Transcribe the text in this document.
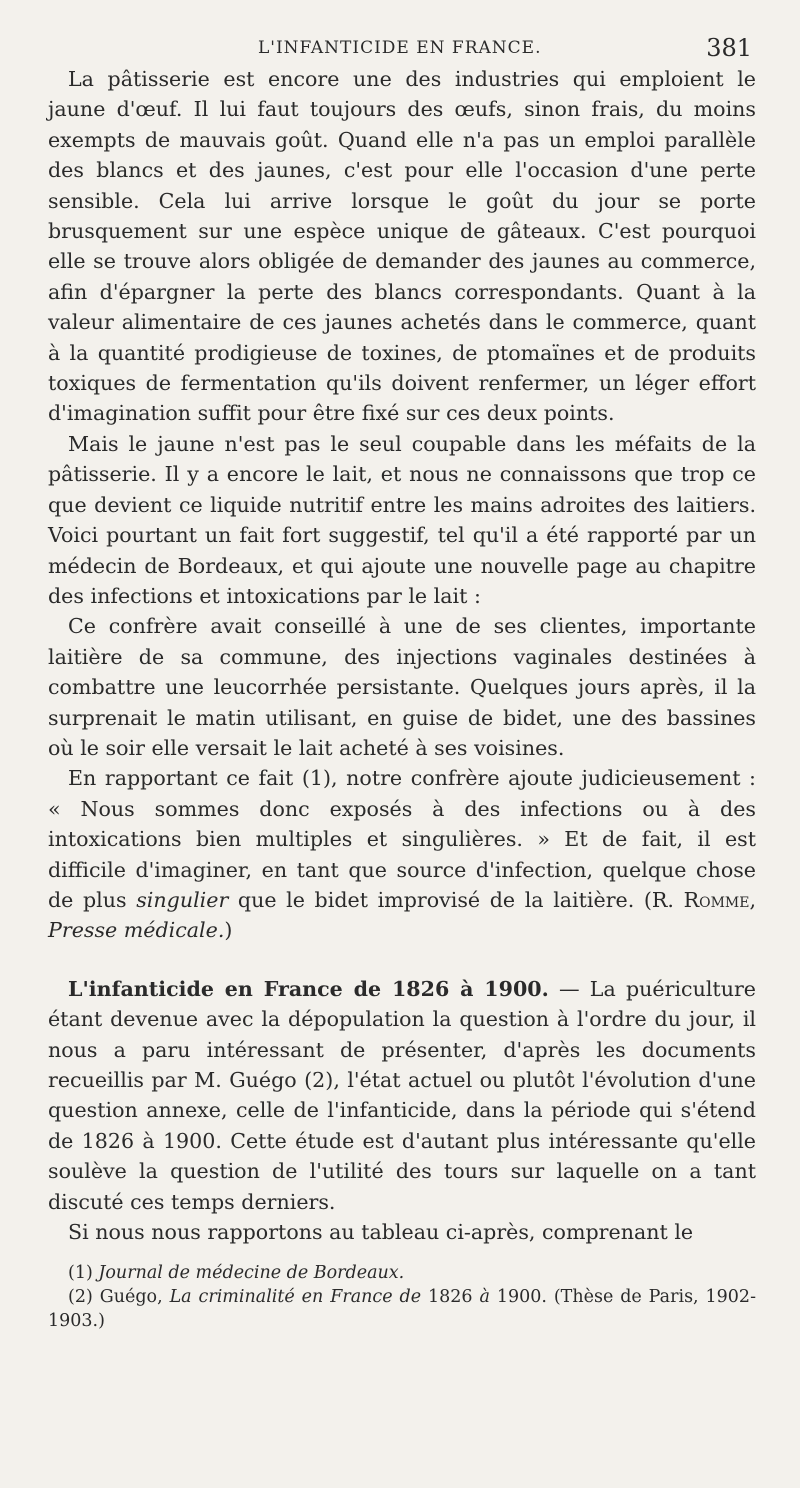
L'INFANTICIDE EN FRANCE.	381

La pâtisserie est encore une des industries qui emploient le jaune d'œuf. Il lui faut toujours des œufs, sinon frais, du moins exempts de mauvais goût. Quand elle n'a pas un emploi parallèle des blancs et des jaunes, c'est pour elle l'occasion d'une perte sensible. Cela lui arrive lorsque le goût du jour se porte brusquement sur une espèce unique de gâteaux. C'est pourquoi elle se trouve alors obligée de demander des jaunes au commerce, afin d'épargner la perte des blancs correspondants. Quant à la valeur alimentaire de ces jaunes achetés dans le commerce, quant à la quantité prodigieuse de toxines, de ptomaïnes et de produits toxiques de fermentation qu'ils doivent renfermer, un léger effort d'imagination suffit pour être fixé sur ces deux points.

Mais le jaune n'est pas le seul coupable dans les méfaits de la pâtisserie. Il y a encore le lait, et nous ne connaissons que trop ce que devient ce liquide nutritif entre les mains adroites des laitiers. Voici pourtant un fait fort suggestif, tel qu'il a été rapporté par un médecin de Bordeaux, et qui ajoute une nouvelle page au chapitre des infections et intoxications par le lait :

Ce confrère avait conseillé à une de ses clientes, importante laitière de sa commune, des injections vaginales destinées à combattre une leucorrhée persistante. Quelques jours après, il la surprenait le matin utilisant, en guise de bidet, une des bassines où le soir elle versait le lait acheté à ses voisines.

En rapportant ce fait (1), notre confrère ajoute judicieusement : « Nous sommes donc exposés à des infections ou à des intoxications bien multiples et singulières. » Et de fait, il est difficile d'imaginer, en tant que source d'infection, quelque chose de plus singulier que le bidet improvisé de la laitière. (R. Romme, Presse médicale.)

L'infanticide en France de 1826 à 1900. — La puériculture étant devenue avec la dépopulation la question à l'ordre du jour, il nous a paru intéressant de présenter, d'après les documents recueillis par M. Guégo (2), l'état actuel ou plutôt l'évolution d'une question annexe, celle de l'infanticide, dans la période qui s'étend de 1826 à 1900. Cette étude est d'autant plus intéressante qu'elle soulève la question de l'utilité des tours sur laquelle on a tant discuté ces temps derniers.

Si nous nous rapportons au tableau ci-après, comprenant le

(1) Journal de médecine de Bordeaux.

(2) Guégo, La criminalité en France de 1826 à 1900. (Thèse de Paris, 1902-1903.)
